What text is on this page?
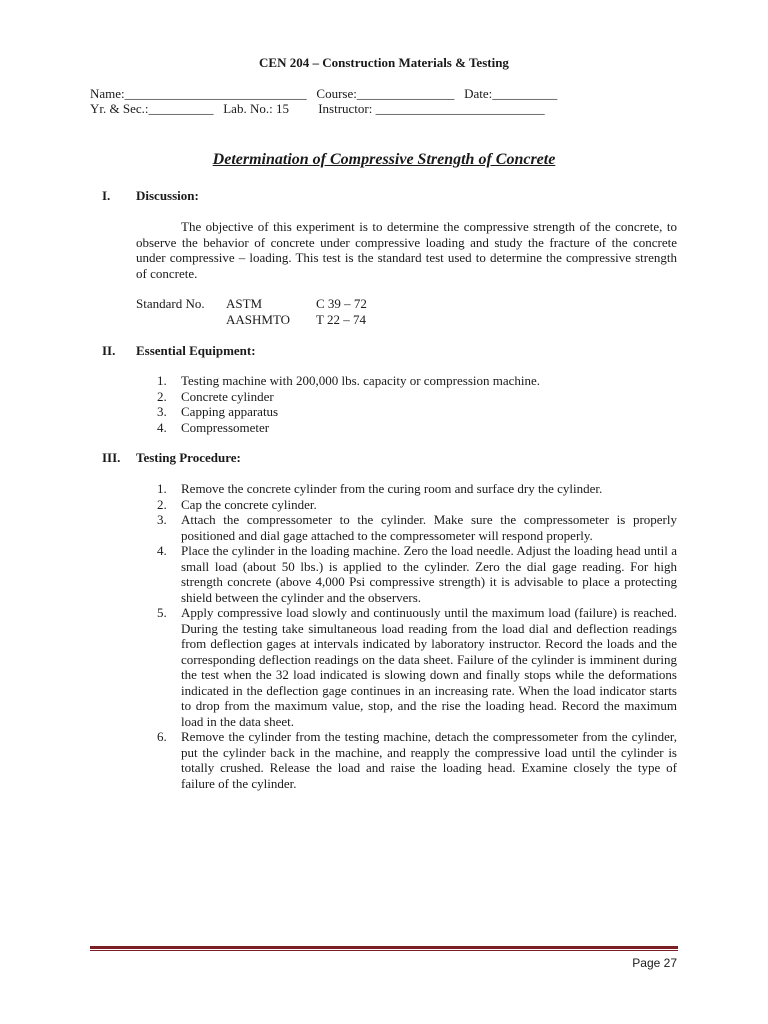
CEN 204 – Construction Materials & Testing
Name:____________________________   Course:_______________   Date:__________
Yr. & Sec.:__________   Lab. No.: 15         Instructor: __________________________
Determination of Compressive Strength of Concrete
I. Discussion:

The objective of this experiment is to determine the compressive strength of the concrete, to observe the behavior of concrete under compressive loading and study the fracture of the concrete under compressive – loading. This test is the standard test used to determine the compressive strength of concrete.

Standard No. ASTM	C 39 – 72
AASHMTO T 22 – 74
II. Essential Equipment:
1. Testing machine with 200,000 lbs. capacity or compression machine.
2. Concrete cylinder
3. Capping apparatus
4. Compressometer
III. Testing Procedure:
1. Remove the concrete cylinder from the curing room and surface dry the cylinder.
2. Cap the concrete cylinder.
3. Attach the compressometer to the cylinder. Make sure the compressometer is properly positioned and dial gage attached to the compressometer will respond properly.
4. Place the cylinder in the loading machine. Zero the load needle. Adjust the loading head until a small load (about 50 lbs.) is applied to the cylinder. Zero the dial gage reading. For high strength concrete (above 4,000 Psi compressive strength) it is advisable to place a protecting shield between the cylinder and the observers.
5. Apply compressive load slowly and continuously until the maximum load (failure) is reached. During the testing take simultaneous load reading from the load dial and deflection readings from deflection gages at intervals indicated by laboratory instructor. Record the loads and the corresponding deflection readings on the data sheet. Failure of the cylinder is imminent during the test when the 32 load indicated is slowing down and finally stops while the deformations indicated in the deflection gage continues in an increasing rate. When the load indicator starts to drop from the maximum value, stop, and the rise the loading head. Record the maximum load in the data sheet.
6. Remove the cylinder from the testing machine, detach the compressometer from the cylinder, put the cylinder back in the machine, and reapply the compressive load until the cylinder is totally crushed. Release the load and raise the loading head. Examine closely the type of failure of the cylinder.
Page 27
